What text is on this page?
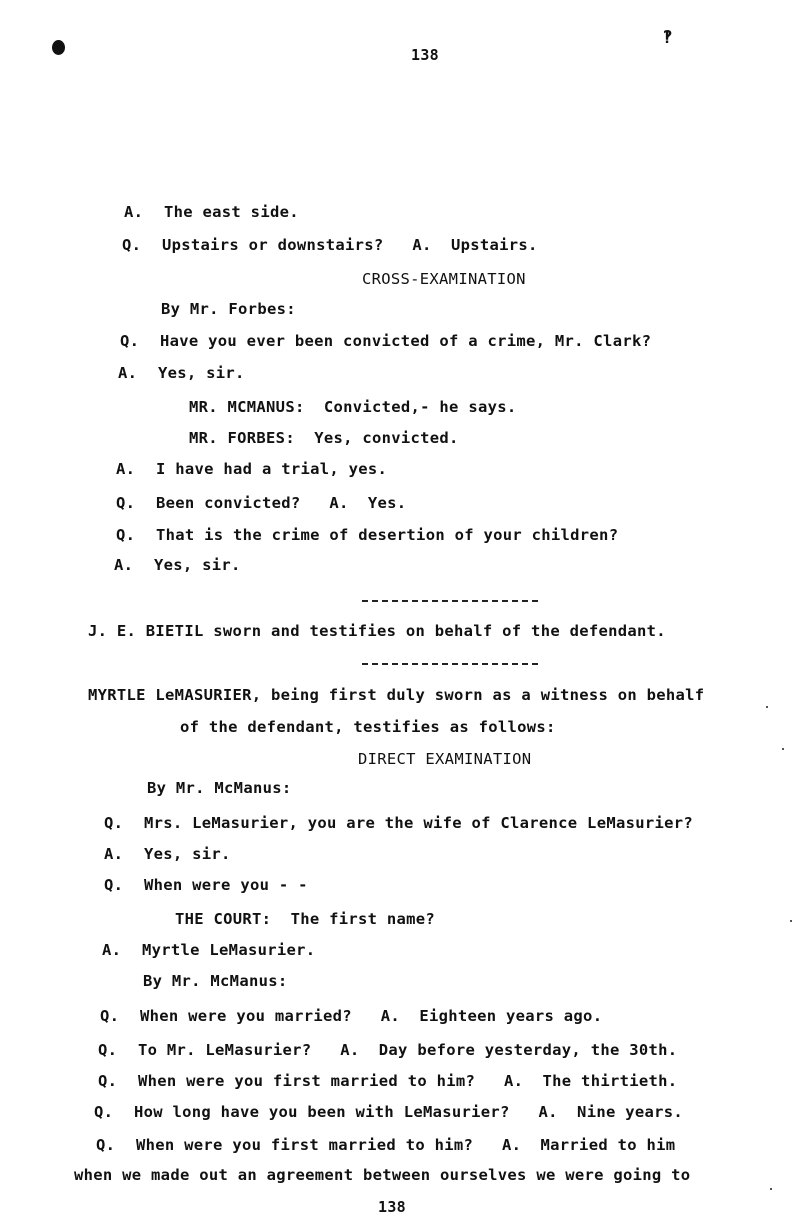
‽
138
A. The east side.
Q. Upstairs or downstairs?   A.  Upstairs.
CROSS-EXAMINATION
By Mr. Forbes:
Q. Have you ever been convicted of a crime, Mr. Clark?
A. Yes, sir.
MR. MCMANUS:  Convicted,- he says.
MR. FORBES:  Yes, convicted.
A. I have had a trial, yes.
Q. Been convicted?   A.  Yes.
Q. That is the crime of desertion of your children?
A. Yes, sir.
J. E. BIETIL sworn and testifies on behalf of the defendant.
MYRTLE LeMASURIER, being first duly sworn as a witness on behalf
of the defendant, testifies as follows:
DIRECT EXAMINATION
By Mr. McManus:
Q. Mrs. LeMasurier, you are the wife of Clarence LeMasurier?
A. Yes, sir.
Q. When were you - -
THE COURT:  The first name?
A. Myrtle LeMasurier.
By Mr. McManus:
Q. When were you married?   A.  Eighteen years ago.
Q. To Mr. LeMasurier?   A.  Day before yesterday, the 30th.
Q. When were you first married to him?   A.  The thirtieth.
Q. How long have you been with LeMasurier?   A.  Nine years.
Q. When were you first married to him?   A.  Married to him
when we made out an agreement between ourselves we were going to
138
